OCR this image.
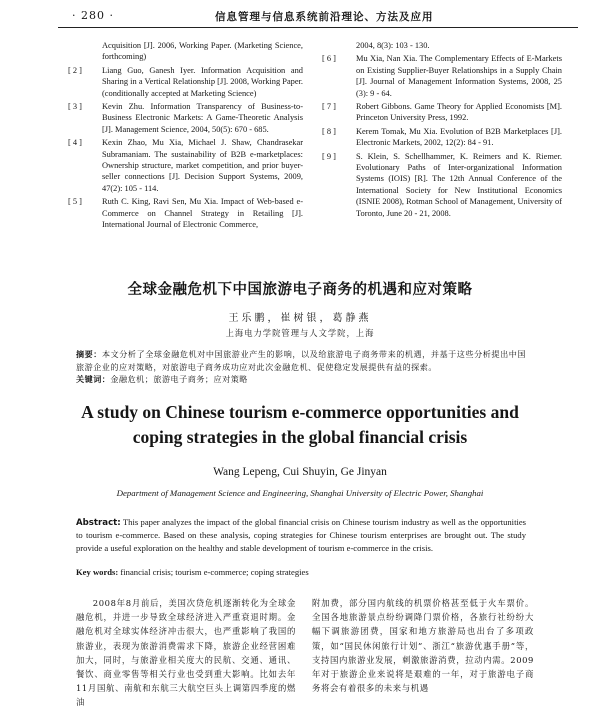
· 280 ·	信息管理与信息系统前沿理论、方法及应用
Acquisition [J]. 2006, Working Paper. (Marketing Science, forthcoming)
[ 2 ]	Liang Guo, Ganesh Iyer. Information Acquisition and Sharing in a Vertical Relationship [J]. 2008, Working Paper. (conditionally accepted at Marketing Science)
[ 3 ]	Kevin Zhu. Information Transparency of Business-to-Business Electronic Markets: A Game-Theoretic Analysis [J]. Management Science, 2004, 50(5): 670 - 685.
[ 4 ]	Kexin Zhao, Mu Xia, Michael J. Shaw, Chandrasekar Subramaniam. The sustainability of B2B e-marketplaces: Ownership structure, market competition, and prior buyer-seller connections [J]. Decision Support Systems, 2009, 47(2): 105 - 114.
[ 5 ]	Ruth C. King, Ravi Sen, Mu Xia. Impact of Web-based e-Commerce on Channel Strategy in Retailing [J]. International Journal of Electronic Commerce,
2004, 8(3): 103 - 130.
[ 6 ]	Mu Xia, Nan Xia. The Complementary Effects of E-Markets on Existing Supplier-Buyer Relationships in a Supply Chain [J]. Journal of Management Information Systems, 2008, 25 (3): 9 - 64.
[ 7 ]	Robert Gibbons. Game Theory for Applied Economists [M]. Princeton University Press, 1992.
[ 8 ]	Kerem Tomak, Mu Xia. Evolution of B2B Marketplaces [J]. Electronic Markets, 2002, 12(2): 84 - 91.
[ 9 ]	S. Klein, S. Schellhammer, K. Reimers and K. Riemer. Evolutionary Paths of Inter-organizational Information Systems (IOIS) [R]. The 12th Annual Conference of the International Society for New Institutional Economics (ISNIE 2008), Rotman School of Management, University of Toronto, June 20 - 21, 2008.
全球金融危机下中国旅游电子商务的机遇和应对策略
王乐鹏，崔树银，葛静燕
上海电力学院管理与人文学院，上海
摘要：本文分析了全球金融危机对中国旅游业产生的影响，以及给旅游电子商务带来的机遇，并基于这些分析提出中国旅游企业的应对策略，对旅游电子商务成功应对此次金融危机、促使稳定发展提供有益的探索。
关键词：金融危机；旅游电子商务；应对策略
A study on Chinese tourism e-commerce opportunities and
coping strategies in the global financial crisis
Wang Lepeng, Cui Shuyin, Ge Jinyan
Department of Management Science and Engineering, Shanghai University of Electric Power, Shanghai
Abstract: This paper analyzes the impact of the global financial crisis on Chinese tourism industry as well as the opportunities to tourism e-commerce. Based on these analysis, coping strategies for Chinese tourism enterprises are brought out. The study provide a useful exploration on the healthy and stable development of tourism e-commerce in the crisis.
Key words: financial crisis; tourism e-commerce; coping strategies
2008年8月前后，美国次贷危机逐渐转化为全球金融危机，并进一步导致全球经济进入严重衰退时期。金融危机对全球实体经济冲击很大，也严重影响了我国的旅游业，表现为旅游消费需求下降，旅游企业经营困难加大，同时，与旅游业相关度大的民航、交通、通讯、餐饮、商业零售等相关行业也受到重大影响。比如去年11月国航、南航和东航三大航空巨头上调第四季度的燃油
附加费，部分国内航线的机票价格甚至低于火车票价。全国各地旅游景点纷纷调降门票价格，各旅行社纷纷大幅下调旅游团费，国家和地方旅游局也出台了多项政策，如“国民休闲旅行计划”、浙江“旅游优惠手册”等，支持国内旅游业发展，刺激旅游消费，拉动内需。2009年对于旅游企业来说将是艰难的一年，对于旅游电子商务将会有着很多的未来与机遇
